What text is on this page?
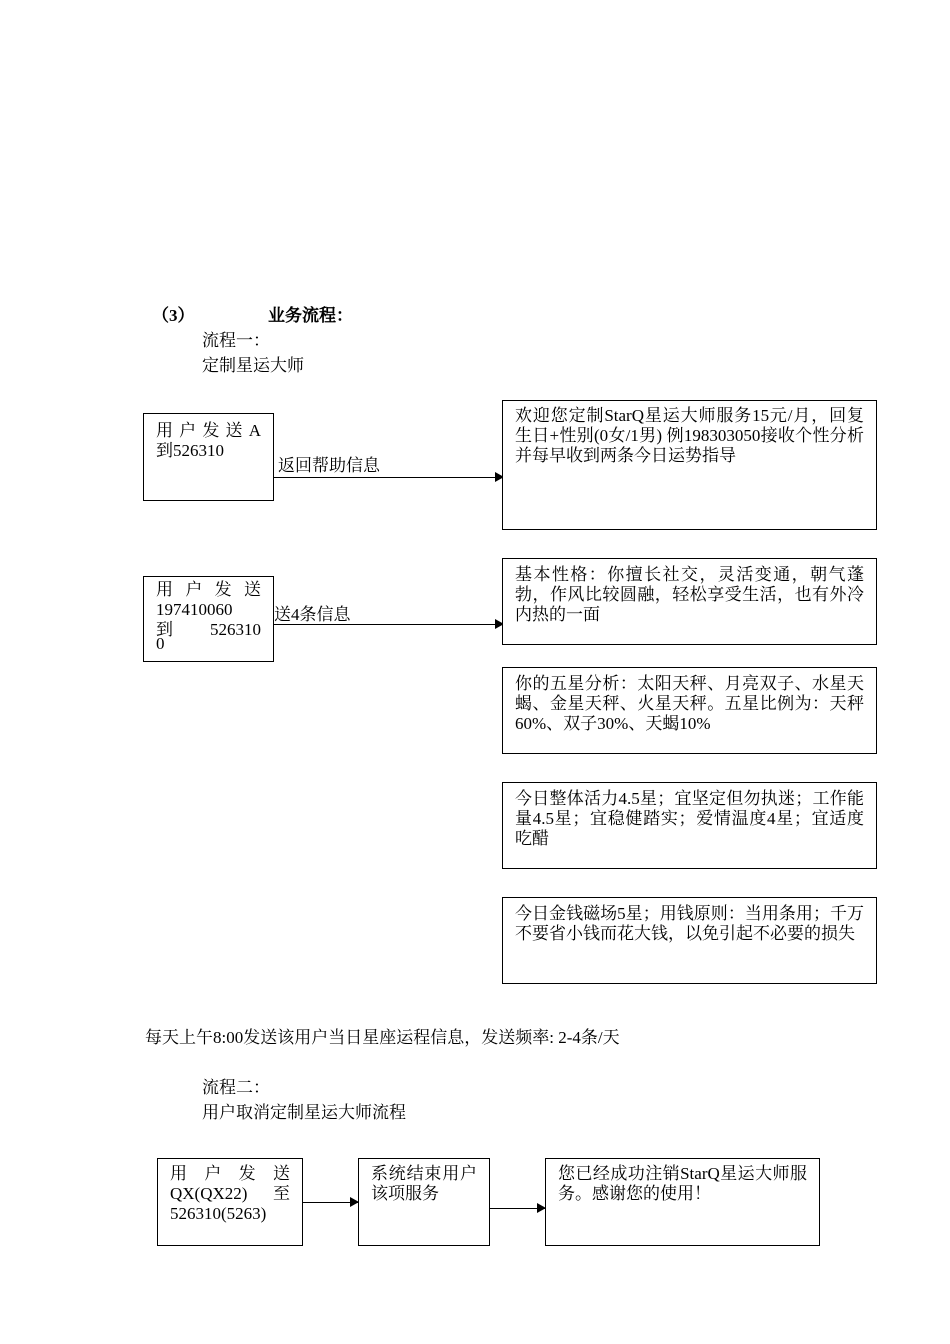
（3）	业务流程：
流程一：
定制星运大师
用户发送A
到526310
返回帮助信息
欢迎您定制StarQ星运大师服务15元/月，回复生日+性别(0女/1男) 例198303050接收个性分析并每早收到两条今日运势指导
用户发送
197410060
到 526310
0
送4条信息
基本性格：你擅长社交，灵活变通，朝气蓬勃，作风比较圆融，轻松享受生活，也有外冷内热的一面
你的五星分析：太阳天秤、月亮双子、水星天蝎、金星天秤、火星天秤。五星比例为：天秤60%、双子30%、天蝎10%
今日整体活力4.5星；宜坚定但勿执迷；工作能量4.5星；宜稳健踏实；爱情温度4星；宜适度吃醋
今日金钱磁场5星；用钱原则：当用条用；千万不要省小钱而花大钱，以免引起不必要的损失
每天上午8:00发送该用户当日星座运程信息，发送频率: 2-4条/天
流程二：
用户取消定制星运大师流程
用户发送
QX(QX22) 至
526310(5263)
系统结束用户该项服务
您已经成功注销StarQ星运大师服务。感谢您的使用！
